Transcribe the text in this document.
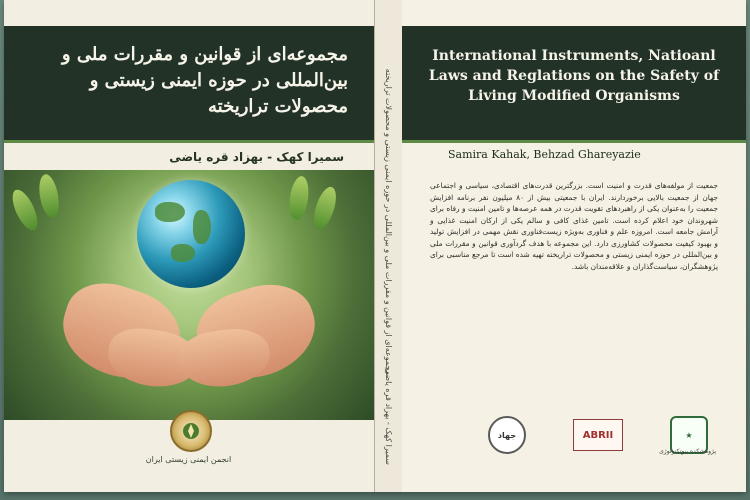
مجموعه‌ای از قوانین و مقررات ملی و بین‌المللی در حوزه ایمنی زیستی و محصولات تراریخته
سمیرا کهک - بهزاد قره یاضی
انجمن ایمنی زیستی ایران
مجموعه‌ای از قوانین و مقررات ملی و بین‌المللی در حوزه ایمنی زیستی و محصولات تراریخته
سمیرا کهک - بهزاد قره یاضی
International Instruments, Natioanl Laws and Reglations on the Safety of Living Modified Organisms
Samira Kahak, Behzad Ghareyazie
جمعیت از مولفه‌های قدرت و امنیت است. بزرگترین قدرت‌های اقتصادی، سیاسی و اجتماعی جهان از جمعیت بالایی برخوردارند. ایران با جمعیتی بیش از ۸۰ میلیون نفر برنامه افزایش جمعیت را به‌عنوان یکی از راهبردهای تقویت قدرت در همه عرصه‌ها و تامین امنیت و رفاه برای شهروندان خود اعلام کرده است. تامین غذای کافی و سالم یکی از ارکان امنیت غذایی و آرامش جامعه است. امروزه علم و فناوری به‌ویژه زیست‌فناوری نقش مهمی در افزایش تولید و بهبود کیفیت محصولات کشاورزی دارد. این مجموعه با هدف گردآوری قوانین و مقررات ملی و بین‌المللی در حوزه ایمنی زیستی و محصولات تراریخته تهیه شده است تا مرجع مناسبی برای پژوهشگران، سیاست‌گذاران و علاقه‌مندان باشد.
جهاد	ABRII	★
پژوهشکده بیوتکنولوژی
